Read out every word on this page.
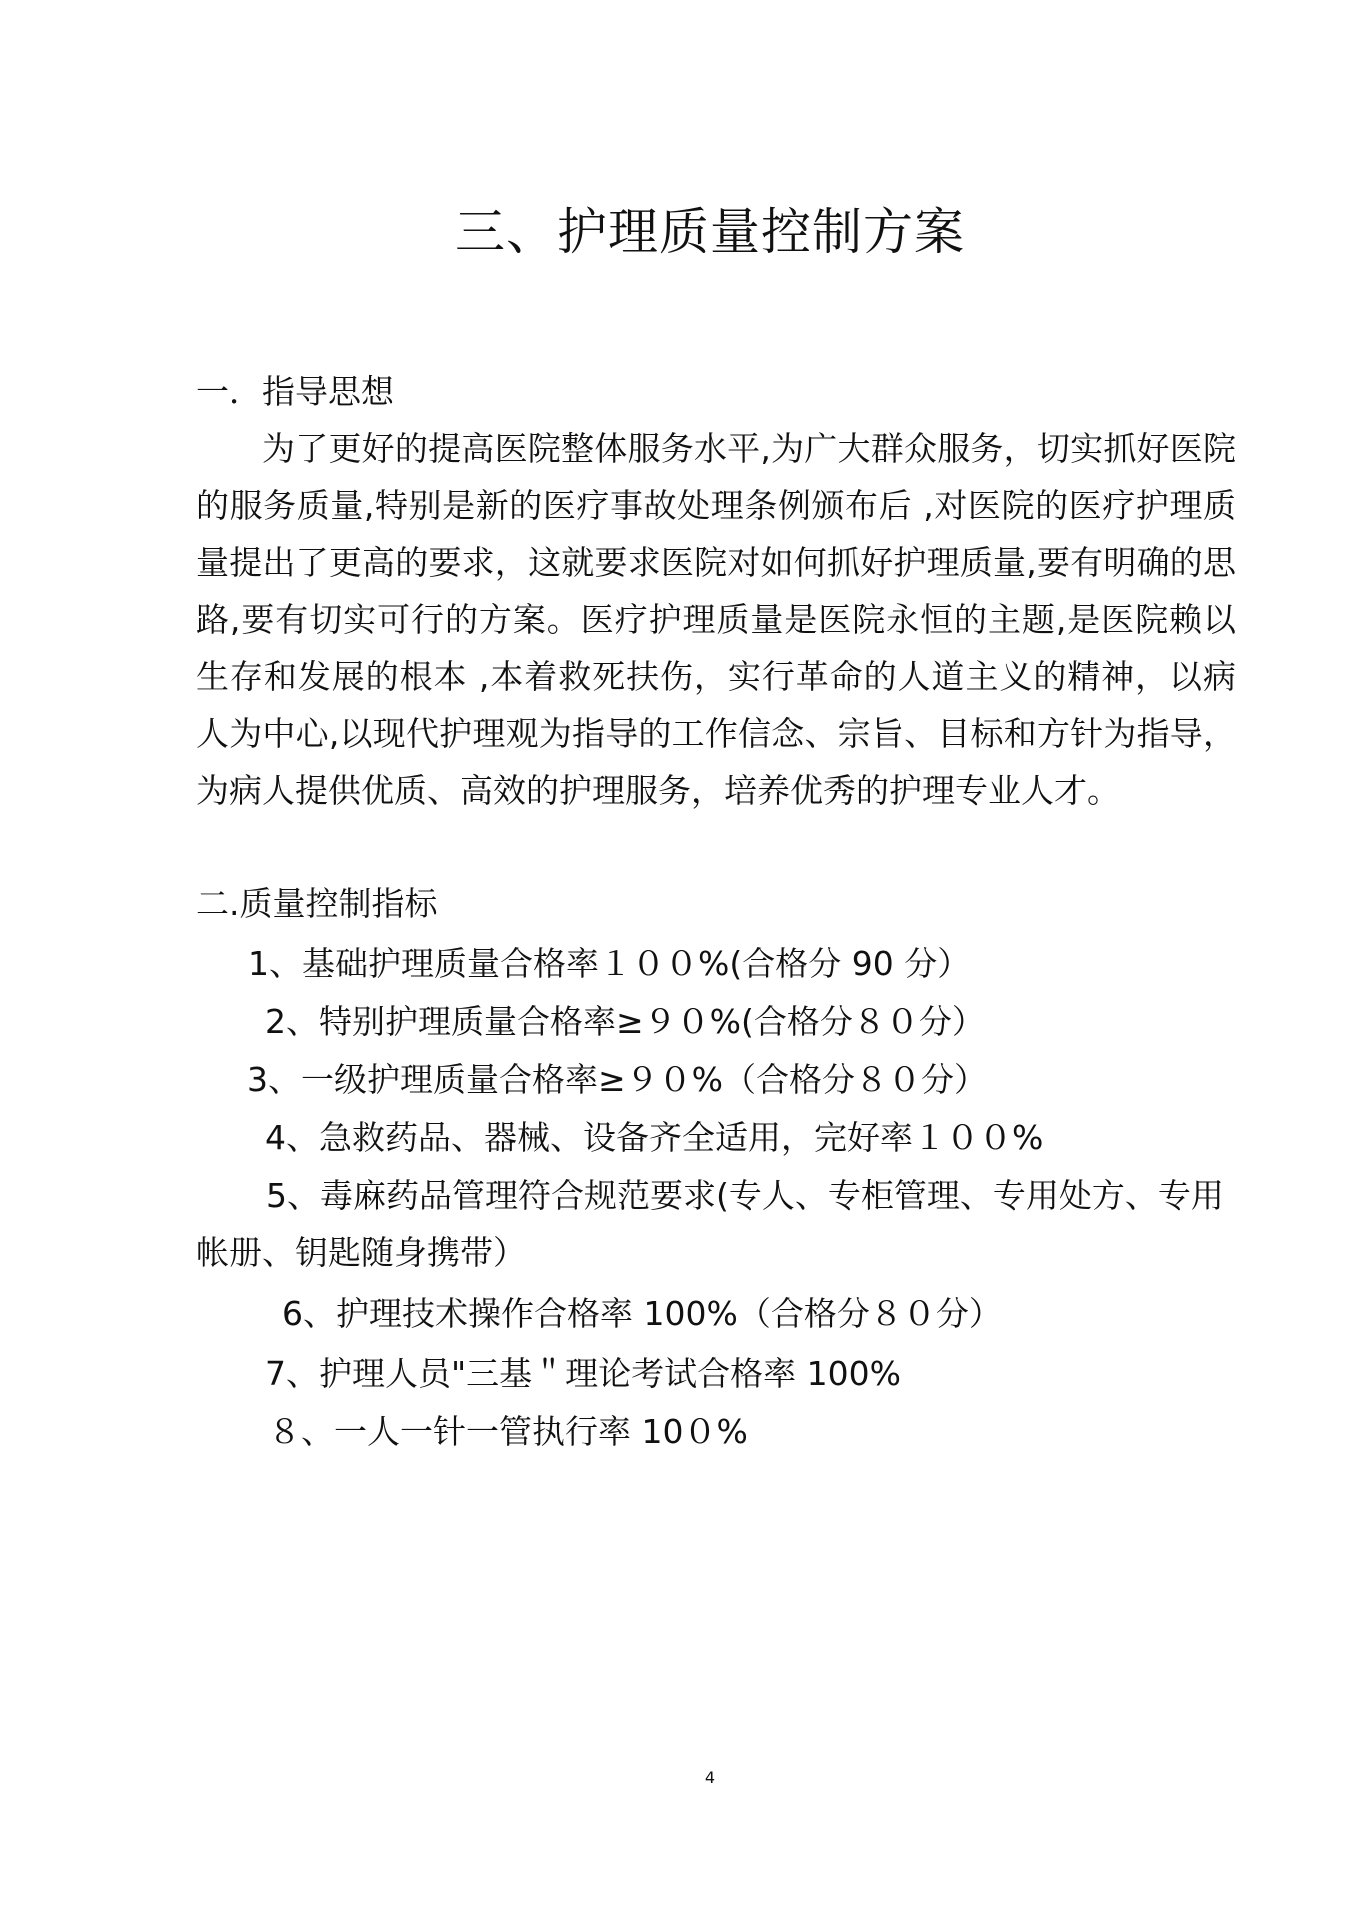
三、护理质量控制方案
一．指导思想

为了更好的提高医院整体服务水平,为广大群众服务，切实抓好医院的服务质量,特别是新的医疗事故处理条例颁布后 ,对医院的医疗护理质量提出了更高的要求，这就要求医院对如何抓好护理质量,要有明确的思路,要有切实可行的方案。医疗护理质量是医院永恒的主题,是医院赖以生存和发展的根本 ,本着救死扶伤，实行革命的人道主义的精神，以病人为中心,以现代护理观为指导的工作信念、宗旨、目标和方针为指导，为病人提供优质、高效的护理服务，培养优秀的护理专业人才。

二.质量控制指标
1、基础护理质量合格率１００%(合格分 90 分）
2、特别护理质量合格率≥９０%(合格分８０分）
3、一级护理质量合格率≥９０%（合格分８０分）
4、急救药品、器械、设备齐全适用，完好率１００%

5、毒麻药品管理符合规范要求(专人、专柜管理、专用处方、专用帐册、钥匙随身携带）

6、护理技术操作合格率 100%（合格分８０分）
7、护理人员"三基＂理论考试合格率 100%
８、一人一针一管执行率 10０%
4
